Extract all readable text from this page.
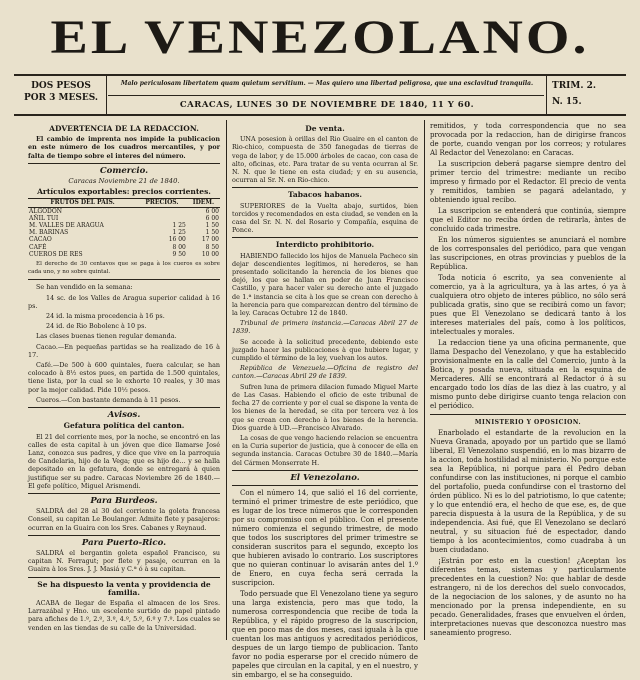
EL VENEZOLANO.
DOS PESOS
POR 3 MESES.
Malo periculosam libertatem quam quietum servitium. — Mas quiero una libertad peligrosa, que una esclavitud tranquila.
CARACAS, LUNES 30 DE NOVIEMBRE DE 1840, 11 Y 60.
TRIM. 2.
N. 15.

ADVERTENCIA DE LA REDACCION.

El cambio de imprenta nos impide la publicacion en este número de los cuadros mercantiles, y por falta de tiempo sobre el interes del número.

Comercio.

Caracas Noviembre 21 de 1840.

Artículos exportables: precios corrientes.

FRUTOS DEL PAIS.	PRECIOS.	IDEM.
ALGODON		6 00
AÑIL TUI		6 00
M. VALLES DE ARAGUA	1 25	1 50
M. BARINAS	1 25	1 50
CACAO	16 00	17 00
CAFÉ	8 00	8 50
CUEROS DE RES	9 50	10 00

El derecho de 30 centavos que se paga à los cueros es sobre cada uno, y no sobre quintal.

Se han vendido en la semana:

14 sc. de los Valles de Aragua superior calidad à 16 ps.

24 id. la misma procedencia à 16 ps.

24 id. de Rio Bobolenc à 10 ps.

Las clases buenas tienen regular demanda.

Cacao.—En pequeñas partidas se ha realizado de 16 à 17.

Café.—De 500 à 600 quintales, fuera calcular, se han colocado à 8½ estos pues, en partida de 1.500 quintales, tiene lista, por la cual se le exhorte 10 reales, y 30 mas por la mejor calidad. Pide 10½ pesos.

Cueros.—Con bastante demanda à 11 pesos.

Avisos.

Gefatura política del canton.

El 21 del corriente mes, por la noche, se encontró en las calles de esta capital à un jóven que dice llamarse José Lanz, conozca sus padres, y dice que vive en la parroquia de Candelaria, hijo de la Vega; que es hijo de... y se halla depositado en la gefatura, donde se entregará à quien justifique ser su padre. Caracas Noviembre 26 de 1840.—El gefe político, Miguel Arismendi.

Para Burdeos.

SALDRÁ del 28 al 30 del corriente la goleta francesa Conseil, su capitan Le Boulanger. Admite flete y pasajeros: ocurran en la Guaira con los Sres. Cabanes y Reynaud.

Para Puerto-Rico.

SALDRÁ el bergantin goleta español Francisco, su capitan N. Ferragut; por flete y pasaje, ocurran en la Guaira à los Sres. J. J. Masiá y C.ª ó à su capitan.

Se ha dispuesto la venta y providencia de familia.

ACABA de llegar de España el almacen de los Sres. Larrazábal y Hno. un escelente surtido de papel pintado para afiches de 1.º, 2.º, 3.º, 4.º, 5.º, 6.º y 7.º. Los cuales se venden en las tiendas de su calle de la Universidad.

De venta.

UNA posesion à orillas del Rio Guaire en el canton de Rio-chico, compuesta de 350 fanegadas de tierras de vega de labor, y de 15.000 árboles de cacao, con casa de alto, oficinas, etc. Para tratar de su venta ocurran al Sr. N. N. que le tiene en esta ciudad; y en su ausencia, ocurran al Sr. N. en Rio-chico.

Tabacos habanos.

SUPERIORES de la Vuelta abajo, surtidos, bien torcidos y recomendados en esta ciudad, se venden en la casa del Sr. N. N. del Rosario y Compañía, esquina de Ponce.

Interdicto prohibitorio.

HABIENDO fallecido los hijos de Manuela Pacheco sin dejar descendientes legítimos, ni herederos, se han presentado solicitando la herencia de los bienes que dejó, los que se hallan en poder de Juan Francisco Castillo, y para hacer valer su derecho ante el juzgado de 1.ª instancia se cita à los que se crean con derecho à la herencia para que comparezcan dentro del término de la ley. Caracas Octubre 12 de 1840.

Tribunal de primera instancia.—Caracas Abril 27 de 1839.

Se accede à la solicitud precedente, debiendo este juzgado hacer las publicaciones à que hubiere lugar, y cumplido el término de la ley, vuelvan los autos.

República de Venezuela.—Oficina de registro del canton.—Caracas Abril 29 de 1839.

Sufren luna de primera dilacion fumado Miguel Marte de Las Casas. Habiendo el oficio de este tribunal de fecha 27 de corriente y por el cual se dispone la venta de los bienes de la heredad, se cita por tercera vez à los que se crean con derecho à los bienes de la herencia. Dios guarde à UD.—Francisco Alvarado.

La cosas de que vengo haciendo relacion se encuentra en la Curia superior de justicia, que à conocer de ella en segunda instancia. Caracas Octubre 30 de 1840.—María del Cármen Monserrate H.

El Venezolano.

Con el número 14, que salió el 16 del corriente, terminó el primer trimestre de este periódico, que es lugar de los trece números que le corresponden por su compromiso con el público. Con el presente número comienza el segundo trimestre, de modo que todos los suscriptores del primer trimestre se consideran suscritos para el segundo, excepto los que hubieren avisado lo contrario. Los suscriptores que no quieran continuar lo avisarán antes del 1.º de Enero, en cuya fecha será cerrada la suscripcion.

Todo persuade que El Venezolano tiene ya seguro una larga existencia, pero mas que todo, la numerosa correspondencia que recibe de toda la República, y el rápido progreso de la suscripcion, que en poco mas de dos meses, casi iguala à la que cuentan los mas antiguos y acreditados periódicos, despues de un largo tiempo de publicacion. Tanto favor no podia esperarse por el crecido número de papeles que circulan en la capital, y en el nuestro, y sin embargo, el se ha conseguido.

remitidos, y toda correspondencia que no sea provocada por la redaccion, han de dirigirse francos de porte, cuando vengan por los correos; y rotulares Al Redactor del Venezolano: en Caracas.

La suscripcion deberá pagarse siempre dentro del primer tercio del trimestre: mediante un recibo impreso y firmado por el Redactor. El precio de venta y remitidos, tambien se pagará adelantado, y obteniendo igual recibo.

La suscripcion se entenderá que continúa, siempre que el Editor no reciba órden de retirarla, àntes de concluido cada trimestre.

En los números siguientes se anunciará el nombre de los corresponsales del periódico, para que vengan las suscripciones, en otras provincias y pueblos de la República.

Toda noticia ó escrito, ya sea conveniente al comercio, ya à la agricultura, ya à las artes, ó ya à cualquiera otro objeto de interes público, no sólo será publicada gratis, sino que se recibirá como un favor; pues que El Venezolano se dedicará tanto à los intereses materiales del país, como à los políticos, intelectuales y morales.

La redaccion tiene ya una oficina permanente, que llama Despacho del Venezolano, y que ha establecido provisionalmente en la calle del Comercio, junto à la Botica, y posada nueva, situada en la esquina de Mercaderes. Allí se encontrará al Redactor ó à su encargado todo los días de las diez à las cuatro, y al mismo punto debe dirigirse cuanto tenga relacion con el periódico.

MINISTERIO Y OPOSICION.

Enarbolado el estandarte de la revolucion en la Nueva Granada, apoyado por un partido que se llamó liberal, El Venezolano suspendió, en lo mas bizarro de la accion, toda hostilidad al ministerio. No porque este sea la República, ni porque para él Pedro deban confundirse con las instituciones, ni porque el cambio del portafolio, pueda confundirse con el trastorno del órden público. Ni es lo del patriotismo, lo que catente; y lo que entendió era, el hecho de que ese, es, de que parecia dispuesta à la usura de la República, y de su independencia. Asi fué, que El Venezolano se declaró neutral, y su situacion fué de espectador, dando tiempo à los acontecimientos, como cuadraba à un buen ciudadano.

¡Estrán por esto en la cuestion! ¿Aceptan los diferentes temas, sistemas y particularmente precedentes en la cuestion? No: que hablar de desde estrangero, ni de los derechos del suelo convocados, de la negociacion de los salones, y de asunto no ha mencionado por la prensa independiente, en su pecado. Generalidades, frases que envuelven el órden, interpretaciones nuevas que desconozca nuestro mas saneamiento progreso.
